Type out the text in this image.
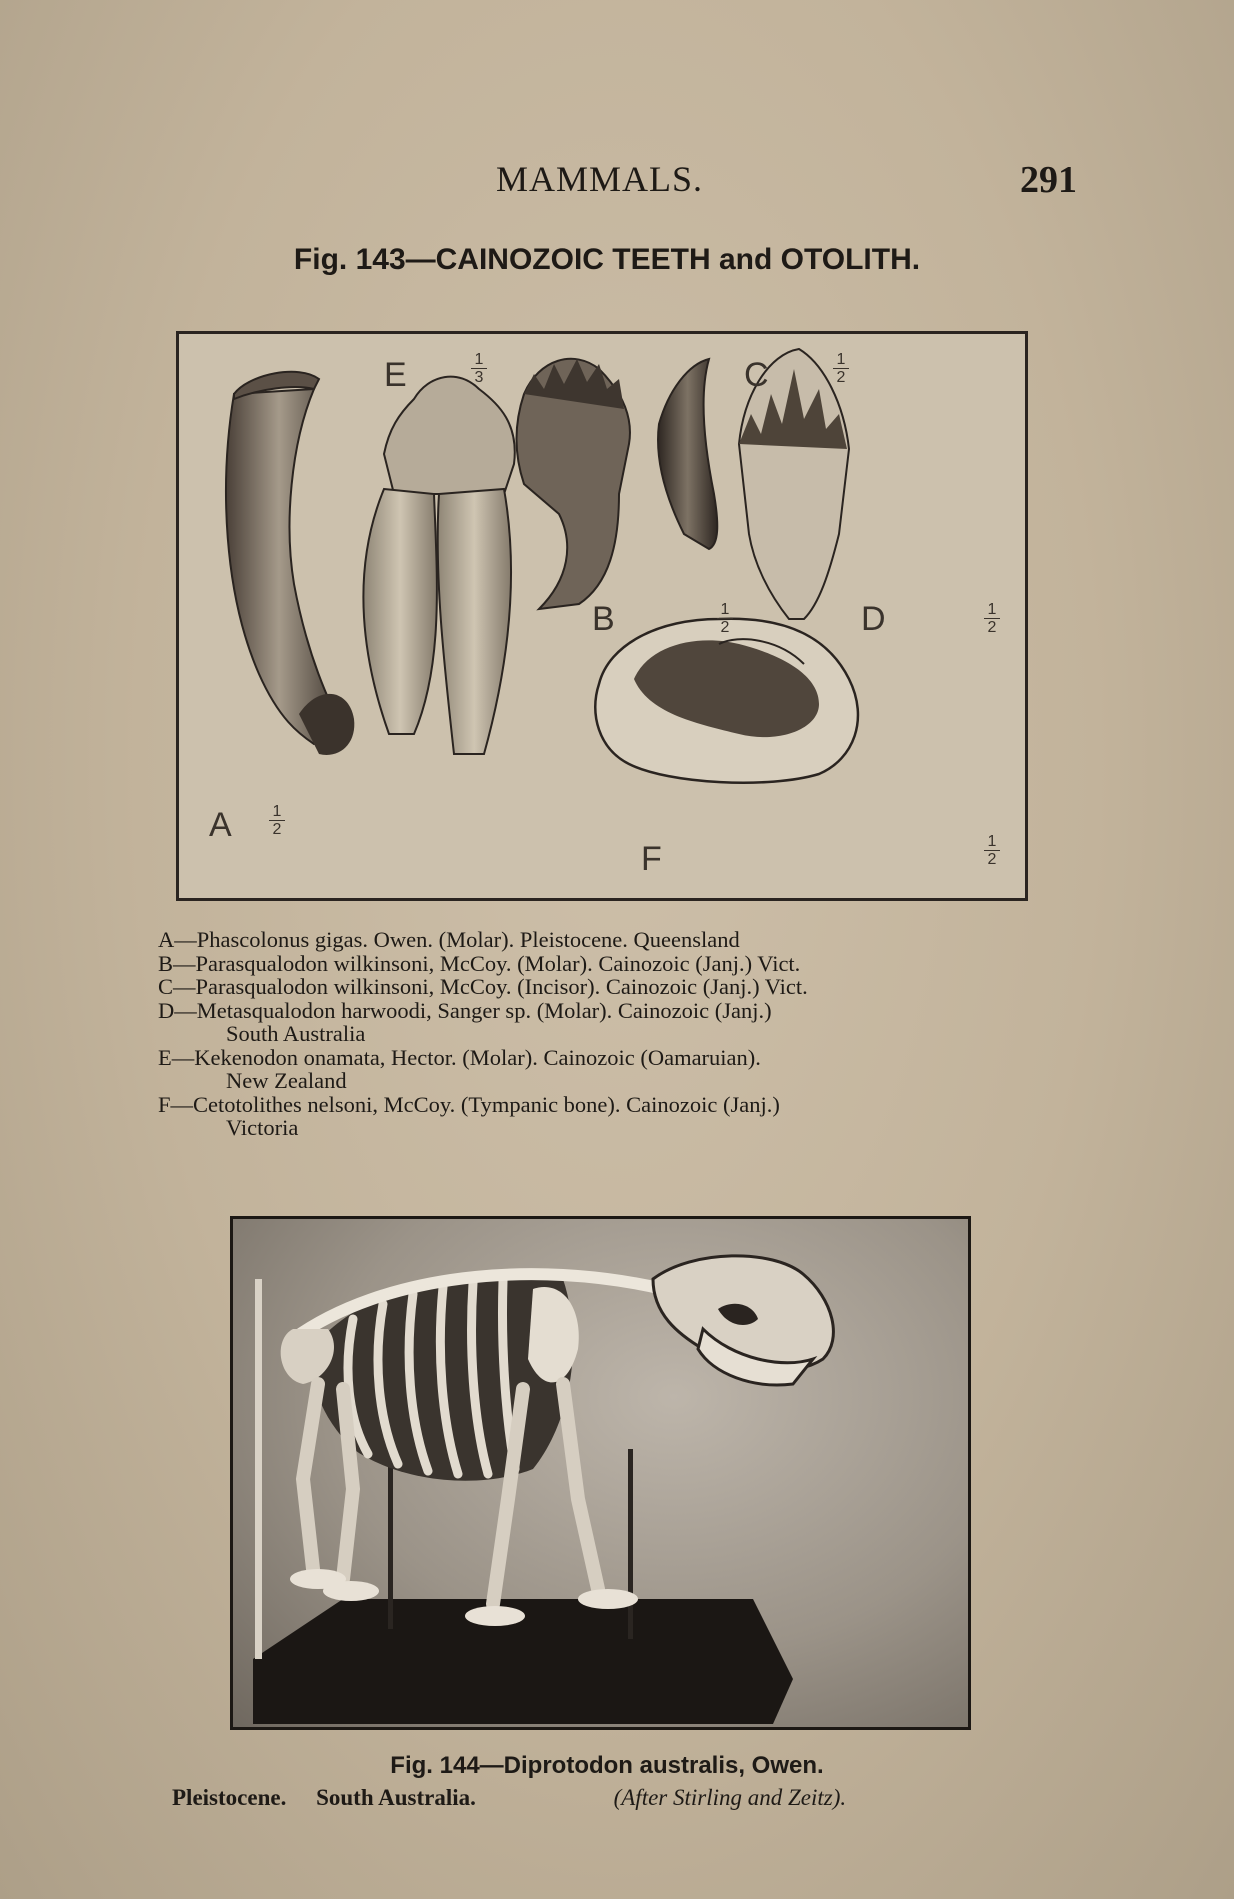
MAMMALS.	291
Fig. 143—CAINOZOIC TEETH and OTOLITH.
E	1
3	C	1
2
B	1
2	D	1
2
A	1
2
F	1
2
A—Phascolonus gigas. Owen. (Molar). Pleistocene. Queensland
B—Parasqualodon wilkinsoni, McCoy. (Molar). Cainozoic (Janj.) Vict.
C—Parasqualodon wilkinsoni, McCoy. (Incisor). Cainozoic (Janj.) Vict.
D—Metasqualodon harwoodi, Sanger sp. (Molar). Cainozoic (Janj.)
South Australia
E—Kekenodon onamata, Hector. (Molar). Cainozoic (Oamaruian).
New Zealand
F—Cetotolithes nelsoni, McCoy. (Tympanic bone). Cainozoic (Janj.)
Victoria
Fig. 144—Diprotodon australis, Owen.
Pleistocene. South Australia.	(After Stirling and Zeitz).
